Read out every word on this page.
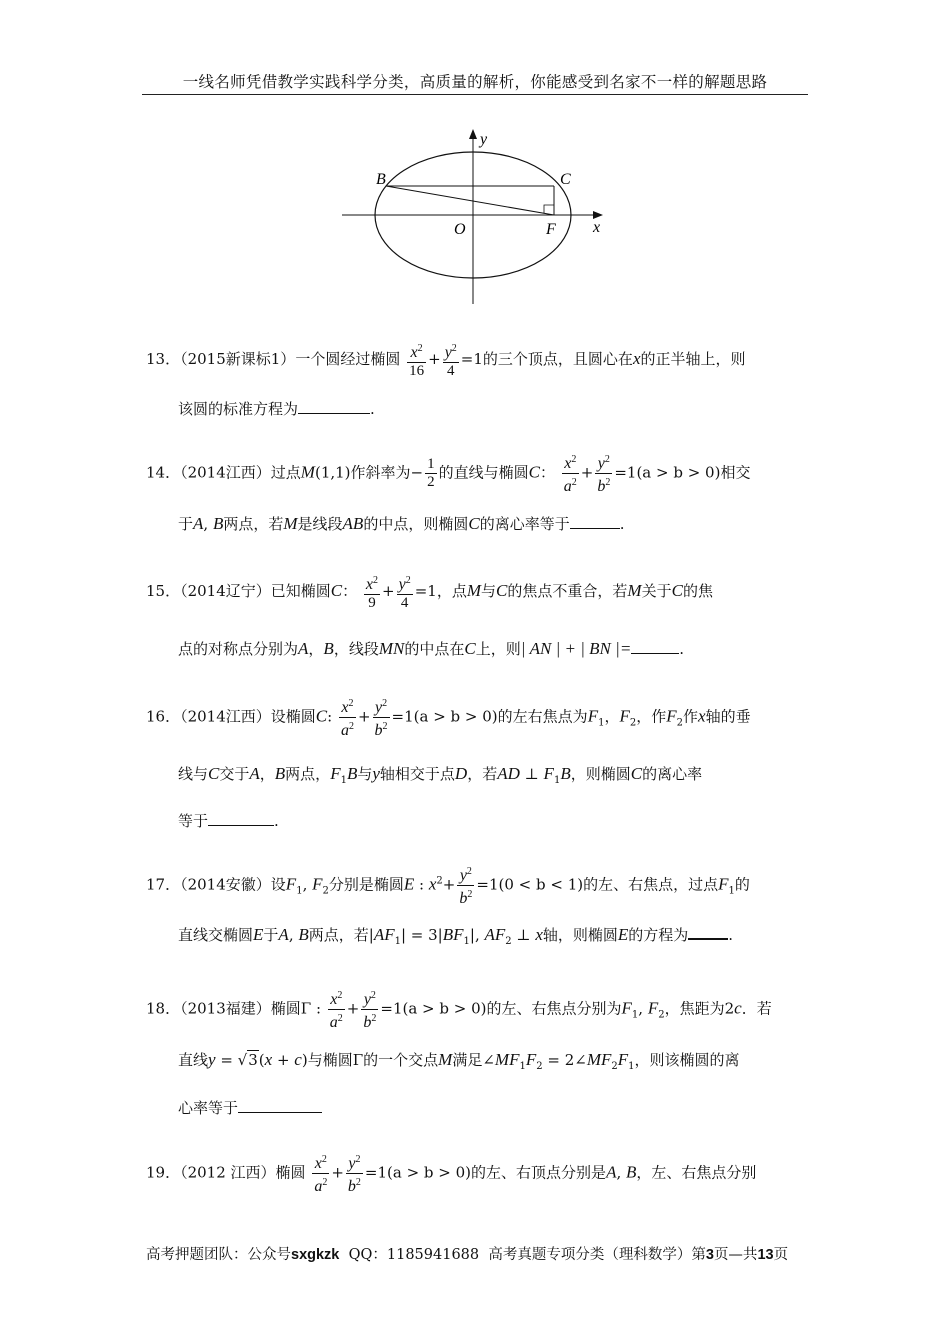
一线名师凭借教学实践科学分类，高质量的解析，你能感受到名家不一样的解题思路
y
x
B	C
O	F
13．（2015新课标1）一个圆经过椭圆 $\frac{x^2}{16} + \frac{y^2}{4} =1$的三个顶点，且圆心在x的正半轴上，则
该圆的标准方程为	.
14．（2014江西）过点M(1,1)作斜率为− $\frac{1}{2}$ 的直线与椭圆C： $\frac{x^2}{a^2} + \frac{y^2}{b^2} =1(a > b > 0)$相交
于A, B两点，若M是线段AB的中点，则椭圆C的离心率等于	.
15．（2014辽宁）已知椭圆C： $\frac{x^2}{9} + \frac{y^2}{4} =1$，点M与C的焦点不重合，若M关于C的焦
点的对称点分别为A，B，线段MN的中点在C上，则| AN | + | BN |=	.
16．（2014江西）设椭圆C: $\frac{x^2}{a^2} + \frac{y^2}{b^2} =1(a > b > 0)$的左右焦点为$F_1$，$F_2$，作$F_2$作x轴的垂
线与C交于A，B两点，$F_1B$与y轴相交于点D，若AD ⊥ $F_1B$，则椭圆C的离心率
等于	.
17．（2014安徽）设$F_1$, $F_2$分别是椭圆E : $x^2+ \frac{y^2}{b^2} =1(0 < b < 1)$的左、右焦点，过点$F_1$的
直线交椭圆E于A, B两点，若$|AF_1| = 3|BF_1|$, $AF_2$ ⊥ x轴，则椭圆E的方程为	.
18．（2013福建）椭圆Γ : $\frac{x^2}{a^2} + \frac{y^2}{b^2} =1(a > b > 0)$的左、右焦点分别为$F_1$, $F_2$，焦距为2c．若
直线y = √3(x + c)与椭圆Γ的一个交点M满足$\angle MF_1F_2$ = $2\angle MF_2F_1$，则该椭圆的离
心率等于
19．（2012 江西）椭圆 $\frac{x^2}{a^2} + \frac{y^2}{b^2} =1(a > b > 0)$的左、右顶点分别是A, B，左、右焦点分别
高考押题团队：公众号sxgkzk QQ：1185941688 高考真题专项分类（理科数学）第3页—共13页
